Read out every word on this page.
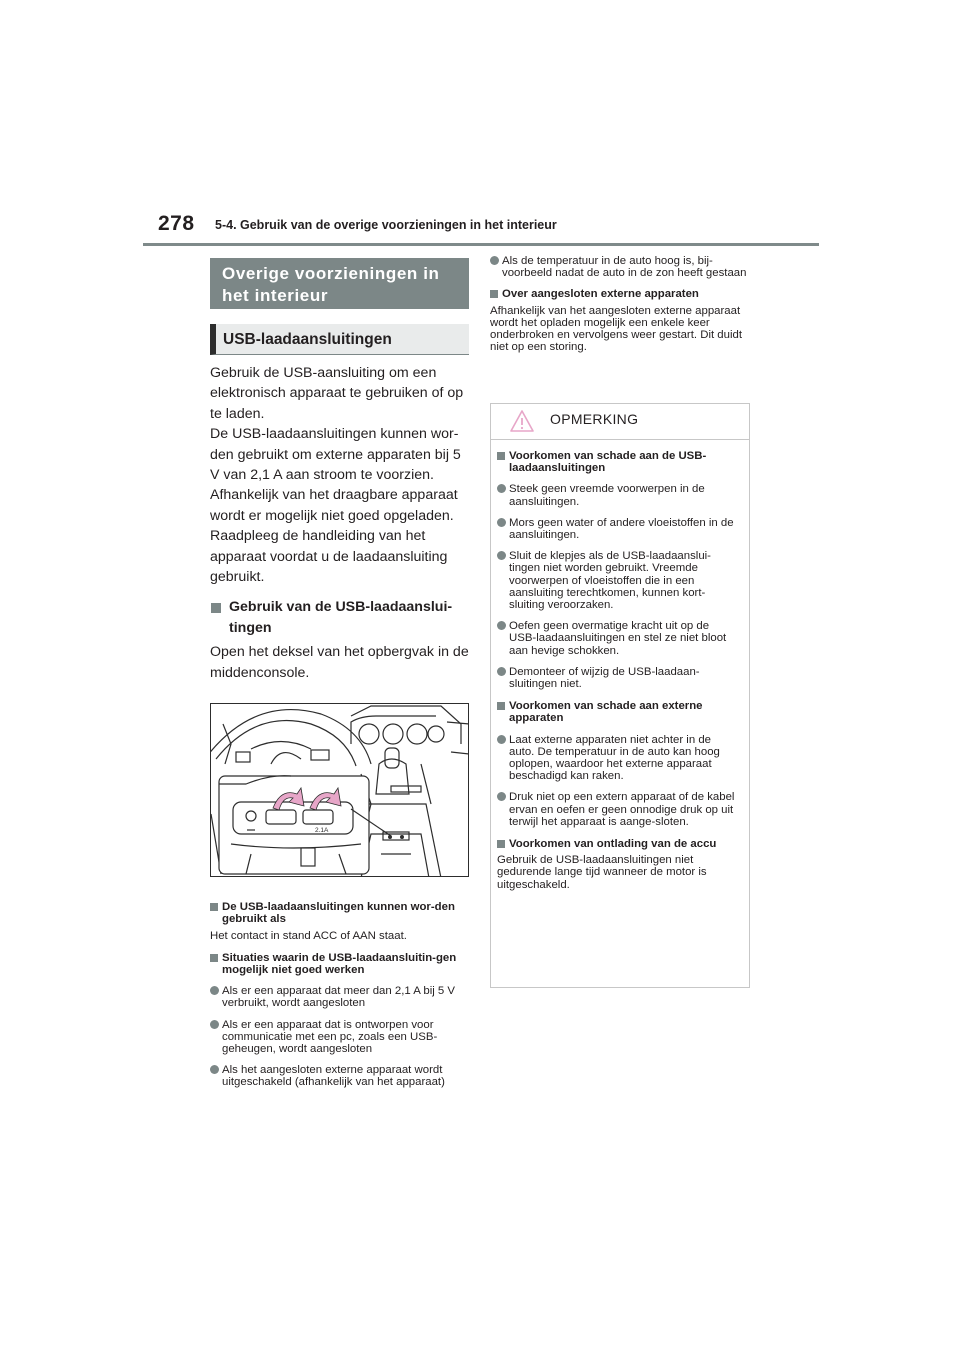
278 5-4. Gebruik van de overige voorzieningen in het interieur
Overige voorzieningen in het interieur
USB-laadaansluitingen
Gebruik de USB-aansluiting om een elektronisch apparaat te gebruiken of op te laden.
De USB-laadaansluitingen kunnen wor-den gebruikt om externe apparaten bij 5 V van 2,1 A aan stroom te voorzien.
Afhankelijk van het draagbare apparaat wordt er mogelijk niet goed opgeladen. Raadpleeg de handleiding van het apparaat voordat u de laadaansluiting gebruikt.
Gebruik van de USB-laadaanslui-tingen
Open het deksel van het opbergvak in de middenconsole.
2.1A
De USB-laadaansluitingen kunnen wor-den gebruikt als
Het contact in stand ACC of AAN staat.
Situaties waarin de USB-laadaansluitin-gen mogelijk niet goed werken
Als er een apparaat dat meer dan 2,1 A bij 5 V verbruikt, wordt aangesloten
Als er een apparaat dat is ontworpen voor communicatie met een pc, zoals een USB-geheugen, wordt aangesloten
Als het aangesloten externe apparaat wordt uitgeschakeld (afhankelijk van het apparaat)
Als de temperatuur in de auto hoog is, bij-voorbeeld nadat de auto in de zon heeft gestaan
Over aangesloten externe apparaten
Afhankelijk van het aangesloten externe apparaat wordt het opladen mogelijk een enkele keer onderbroken en vervolgens weer gestart. Dit duidt niet op een storing.
OPMERKING
Voorkomen van schade aan de USB-laadaansluitingen
Steek geen vreemde voorwerpen in de aansluitingen.
Mors geen water of andere vloeistoffen in de aansluitingen.
Sluit de klepjes als de USB-laadaanslui-tingen niet worden gebruikt. Vreemde voorwerpen of vloeistoffen die in een aansluiting terechtkomen, kunnen kort-sluiting veroorzaken.
Oefen geen overmatige kracht uit op de USB-laadaansluitingen en stel ze niet bloot aan hevige schokken.
Demonteer of wijzig de USB-laadaan-sluitingen niet.
Voorkomen van schade aan externe apparaten
Laat externe apparaten niet achter in de auto. De temperatuur in de auto kan hoog oplopen, waardoor het externe apparaat beschadigd kan raken.
Druk niet op een extern apparaat of de kabel ervan en oefen er geen onnodige druk op uit terwijl het apparaat is aange-sloten.
Voorkomen van ontlading van de accu
Gebruik de USB-laadaansluitingen niet gedurende lange tijd wanneer de motor is uitgeschakeld.
